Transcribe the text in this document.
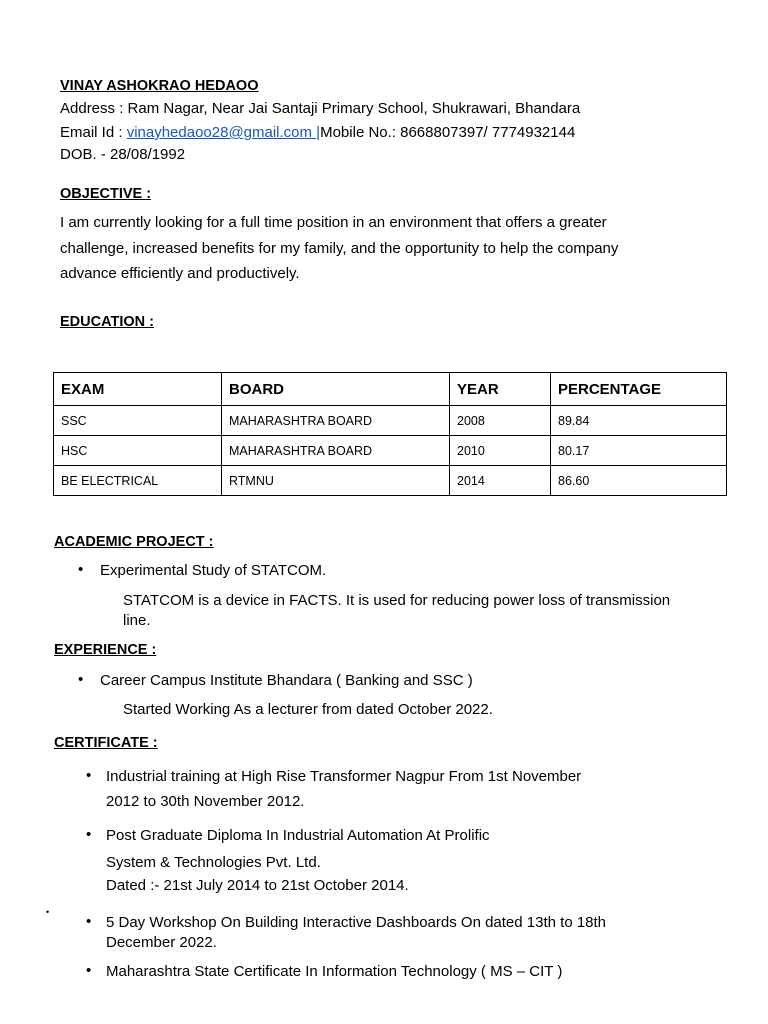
VINAY ASHOKRAO HEDAOO
Address : Ram Nagar, Near Jai Santaji Primary School, Shukrawari, Bhandara
Email Id : vinayhedaoo28@gmail.com |Mobile No.: 8668807397/ 7774932144
DOB. - 28/08/1992
OBJECTIVE :
I am currently looking for a full time position in an environment that offers a greater
challenge, increased benefits for my family, and the opportunity to help the company
advance efficiently and productively.
EDUCATION :
EXAM	BOARD	YEAR	PERCENTAGE
SSC	MAHARASHTRA BOARD	2008	89.84
HSC	MAHARASHTRA BOARD	2010	80.17
BE ELECTRICAL	RTMNU	2014	86.60
ACADEMIC PROJECT :
• Experimental Study of STATCOM.
STATCOM is a device in FACTS. It is used for reducing power loss of transmission
line.
EXPERIENCE :
• Career Campus Institute Bhandara ( Banking and SSC )
Started Working As a lecturer from dated October 2022.
CERTIFICATE :
• Industrial training at High Rise Transformer Nagpur From 1st November
2012 to 30th November 2012.
• Post Graduate Diploma In Industrial Automation At Prolific
System & Technologies Pvt. Ltd.
Dated :- 21st July 2014 to 21st October 2014.
•
• 5 Day Workshop On Building Interactive Dashboards On dated 13th to 18th
December 2022.
• Maharashtra State Certificate In Information Technology ( MS – CIT )
